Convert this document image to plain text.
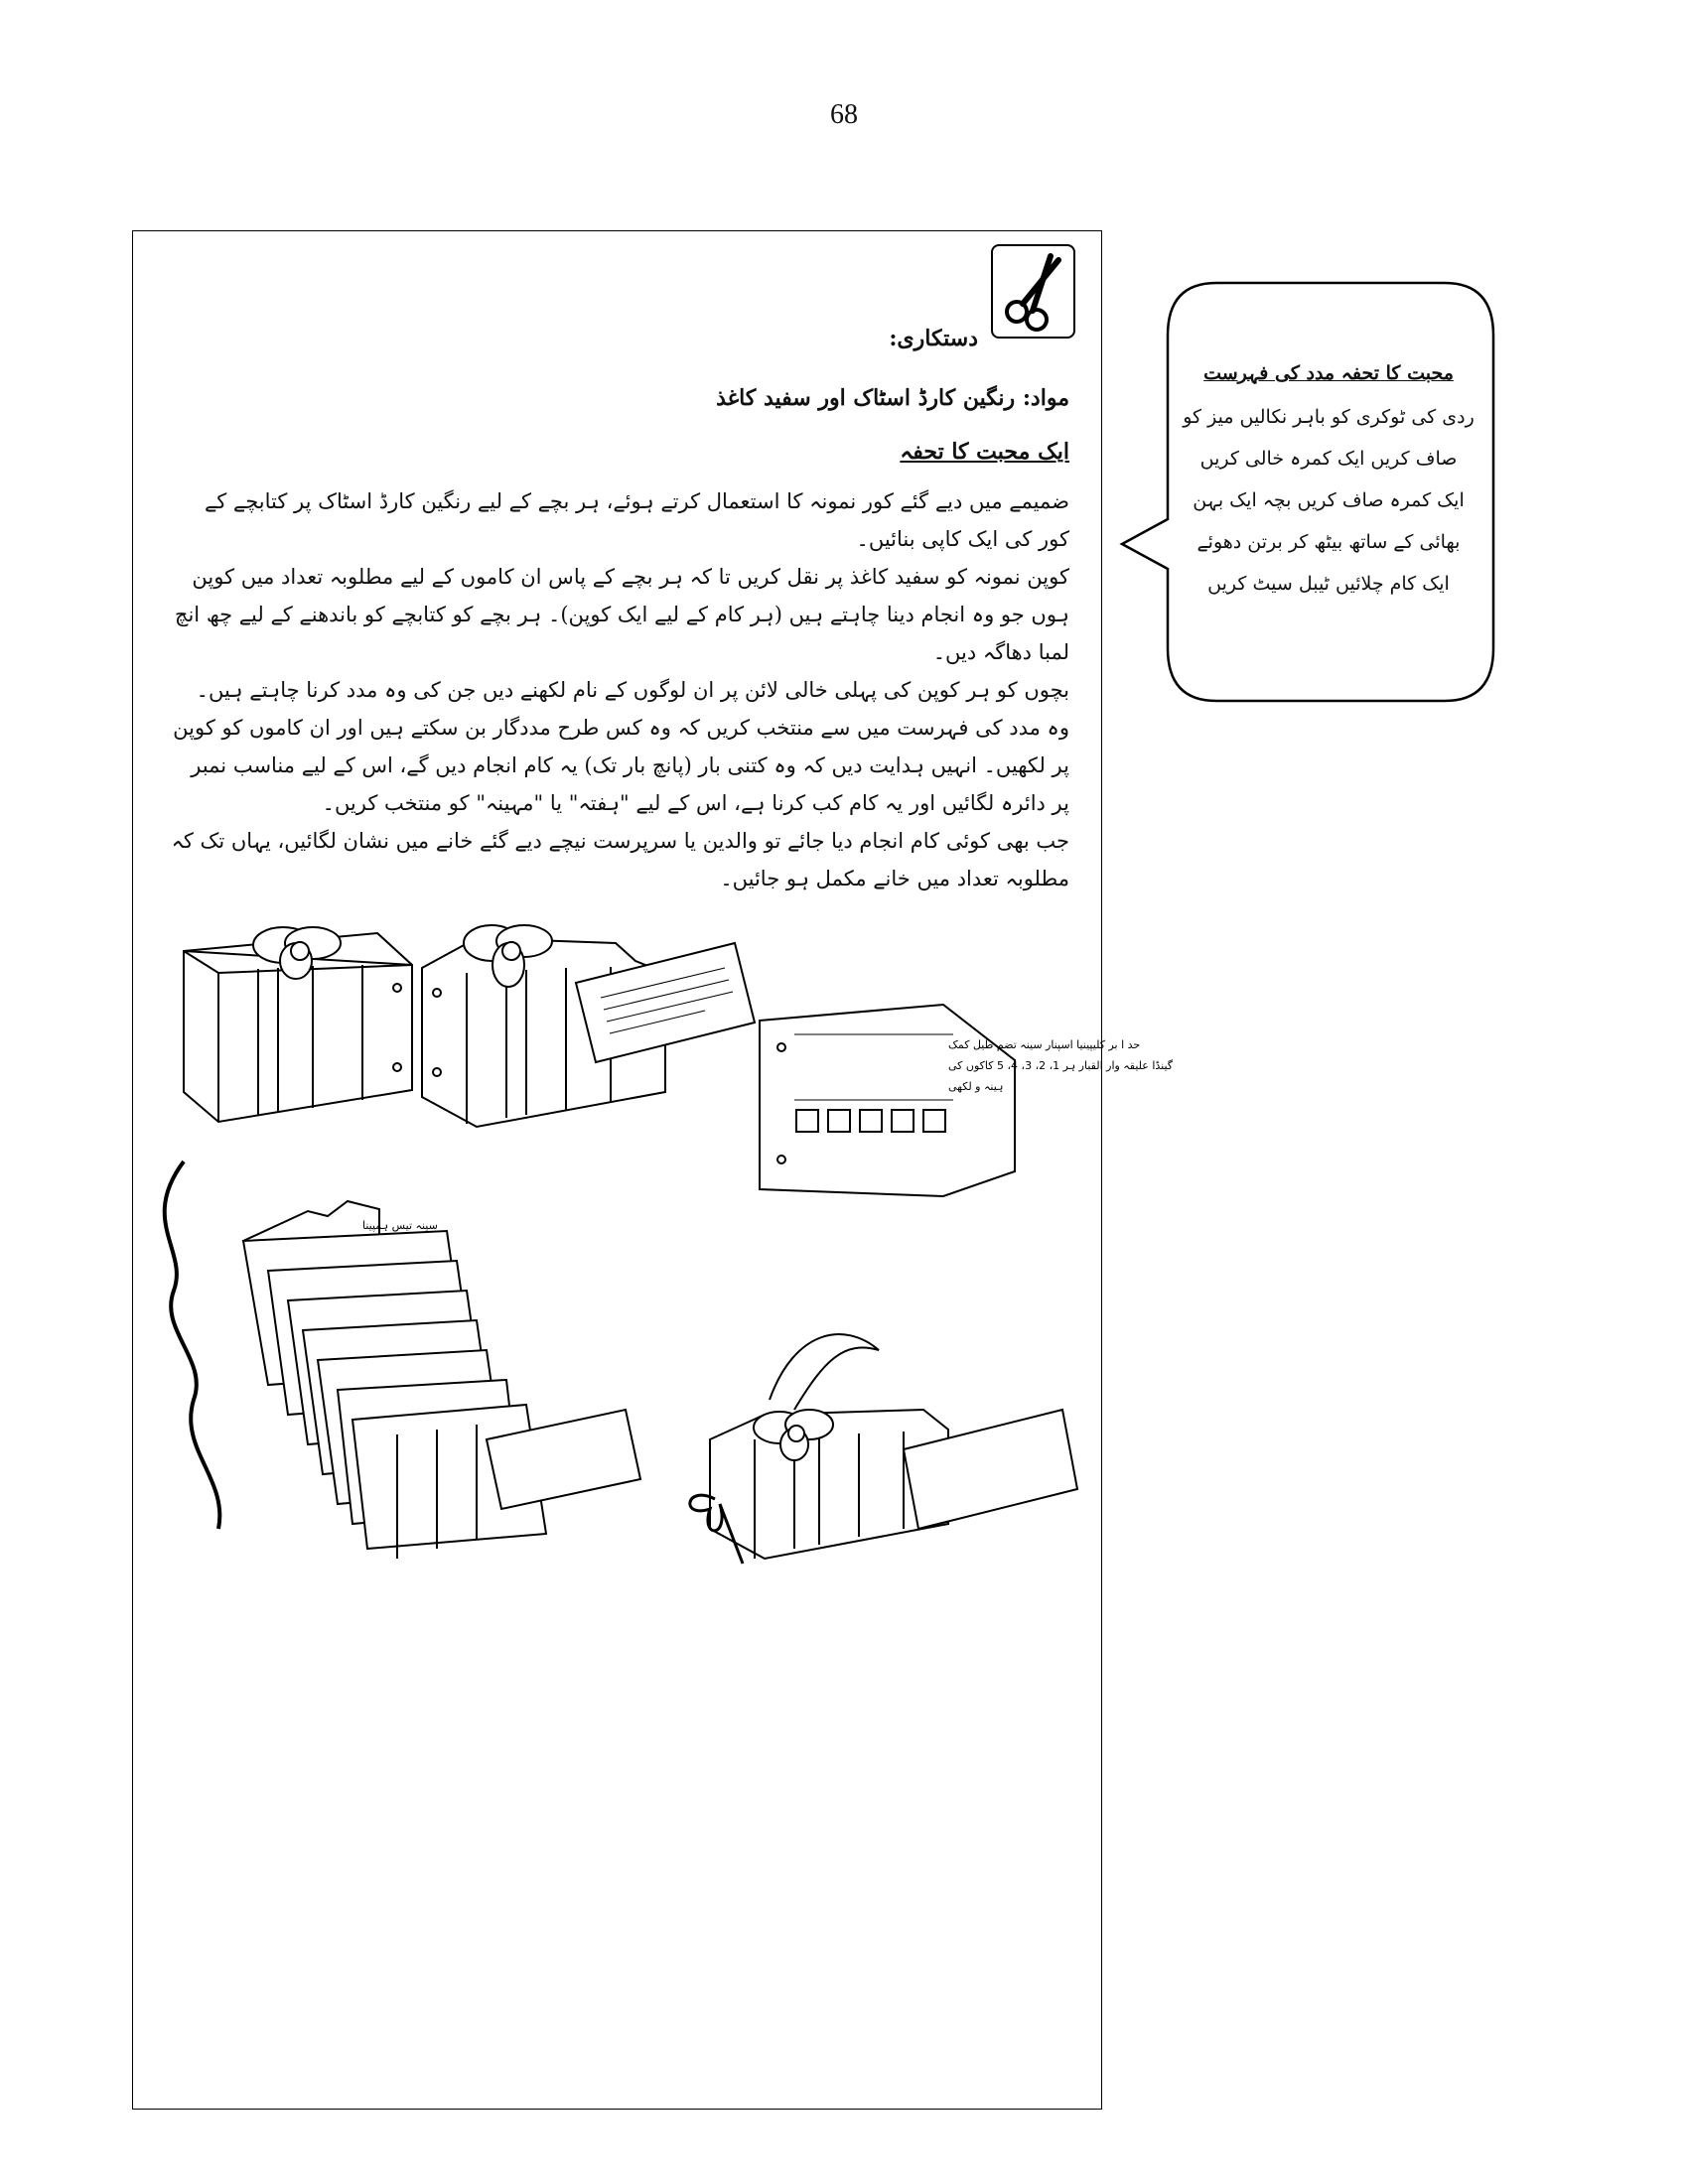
68
دستکاری:
مواد: رنگین کارڈ اسٹاک اور سفید کاغذ
ایک محبت کا تحفہ

ضمیمے میں دیے گئے کور نمونہ کا استعمال کرتے ہوئے، ہر بچے کے لیے رنگین کارڈ اسٹاک پر کتابچے کے کور کی ایک کاپی بنائیں۔

کوپن نمونہ کو سفید کاغذ پر نقل کریں تا کہ ہر بچے کے پاس ان کاموں کے لیے مطلوبہ تعداد میں کوپن ہوں جو وہ انجام دینا چاہتے ہیں (ہر کام کے لیے ایک کوپن)۔ ہر بچے کو کتابچے کو باندھنے کے لیے چھ انچ لمبا دھاگہ دیں۔

بچوں کو ہر کوپن کی پہلی خالی لائن پر ان لوگوں کے نام لکھنے دیں جن کی وہ مدد کرنا چاہتے ہیں۔ وہ مدد کی فہرست میں سے منتخب کریں کہ وہ کس طرح مددگار بن سکتے ہیں اور ان کاموں کو کوپن پر لکھیں۔ انہیں ہدایت دیں کہ وہ کتنی بار (پانچ بار تک) یہ کام انجام دیں گے، اس کے لیے مناسب نمبر پر دائرہ لگائیں اور یہ کام کب کرنا ہے، اس کے لیے "ہفتہ" یا "مہینہ" کو منتخب کریں۔

جب بھی کوئی کام انجام دیا جائے تو والدین یا سرپرست نیچے دیے گئے خانے میں نشان لگائیں، یہاں تک کہ مطلوبہ تعداد میں خانے مکمل ہو جائیں۔

حد ا بر کلیپینیا اسپنار سینہ تضم طیل کمک
گینڈا علیقہ وار القبار ہر 1، 2، 3، 4، 5 کاکوں کی
ہینہ و لکھی
سینہ تیس ہمپینا
محبت کا تحفہ مدد کی فہرست
ردی کی ٹوکری کو باہر نکالیں میز کو
صاف کریں ایک کمرہ خالی کریں
ایک کمرہ صاف کریں بچہ ایک بہن
بھائی کے ساتھ بیٹھ کر برتن دھوئے
ایک کام چلائیں ٹیبل سیٹ کریں
